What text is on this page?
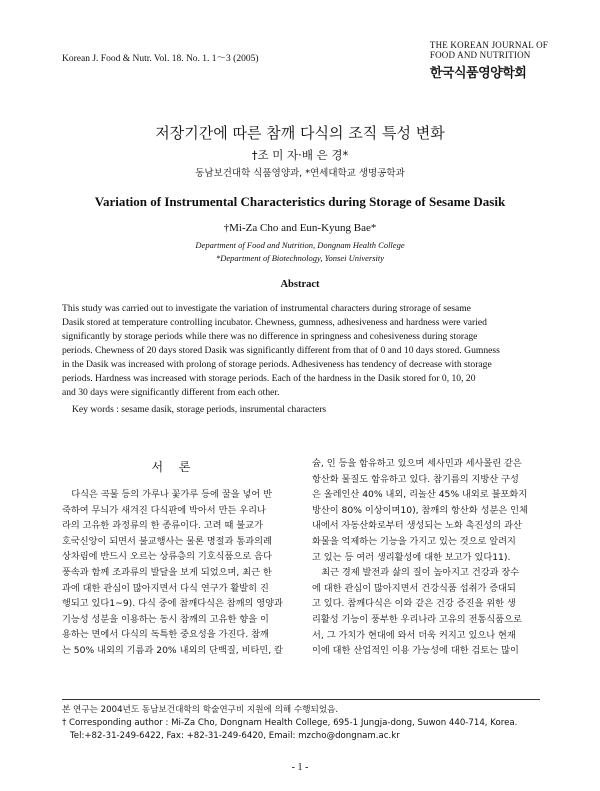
Korean J. Food & Nutr. Vol. 18. No. 1. 1～3 (2005)
THE KOREAN JOURNAL OF
FOOD AND NUTRITION
한국식품영양학회
저장기간에 따른 참깨 다식의 조직 특성 변화
†조 미 자·배 은 경*
동남보건대학 식품영양과, *연세대학교 생명공학과
Variation of Instrumental Characteristics during Storage of Sesame Dasik
†Mi-Za Cho and Eun-Kyung Bae*
Department of Food and Nutrition, Dongnam Health College
*Department of Biotechnology, Yonsei University
Abstract
This study was carried out to investigate the variation of instrumental characters during strorage of sesame
Dasik stored at temperature controlling incubator. Chewness, gumness, adhesiveness and hardness were varied
significantly by storage periods while there was no difference in springness and cohesiveness during storage
periods. Chewness of 20 days stored Dasik was significantly different from that of 0 and 10 days stored. Gumness
in the Dasik was increased with prolong of storage periods. Adhesiveness has tendency of decrease with storage
periods. Hardness was increased with storage periods. Each of the hardness in the Dasik stored for 0, 10, 20
and 30 days were significantly different from each other.
Key words : sesame dasik, storage periods, insrumental characters
서 론
다식은 곡물 등의 가루나 꽃가루 등에 꿀을 넣어 반
죽하여 무늬가 새겨진 다식판에 박아서 만든 우리나
라의 고유한 과정류의 한 종류이다. 고려 때 불교가
호국신앙이 되면서 불교행사는 물론 명절과 통과의례
상차림에 반드시 오르는 상류층의 기호식품으로 음다
풍속과 함께 조과류의 발달을 보게 되었으며, 최근 한
과에 대한 관심이 많아지면서 다식 연구가 활발히 진
행되고 있다1~9). 다식 중에 참깨다식은 참깨의 영양과
기능성 성분을 이용하는 동시 참깨의 고유한 향을 이
용하는 면에서 다식의 독특한 중요성을 가진다. 참깨
는 50% 내외의 기름과 20% 내외의 단백질, 비타민, 칼
슘, 인 등을 함유하고 있으며 세사민과 세사몰린 같은
항산화 물질도 함유하고 있다. 참기름의 지방산 구성
은 올레인산 40% 내외, 리놀산 45% 내외로 불포화지
방산이 80% 이상이며10), 참깨의 항산화 성분은 인체
내에서 자동산화로부터 생성되는 노화 촉진성의 과산
화물을 억제하는 기능을 가지고 있는 것으로 알려지
고 있는 등 여러 생리활성에 대한 보고가 있다11).
최근 경제 발전과 삶의 질이 높아지고 건강과 장수
에 대한 관심이 많아지면서 건강식품 섭취가 증대되
고 있다. 참깨다식은 이와 같은 건강 증진을 위한 생
리활성 기능이 풍부한 우리나라 고유의 전통식품으로
서, 그 가치가 현대에 와서 더욱 커지고 있으나 현재
이에 대한 산업적인 이용 가능성에 대한 검토는 많이
본 연구는 2004년도 동남보건대학의 학술연구비 지원에 의해 수행되었음.
† Corresponding author : Mi-Za Cho, Dongnam Health College, 695-1 Jungja-dong, Suwon 440-714, Korea.
Tel:+82-31-249-6422, Fax: +82-31-249-6420, Email: mzcho@dongnam.ac.kr
- 1 -
